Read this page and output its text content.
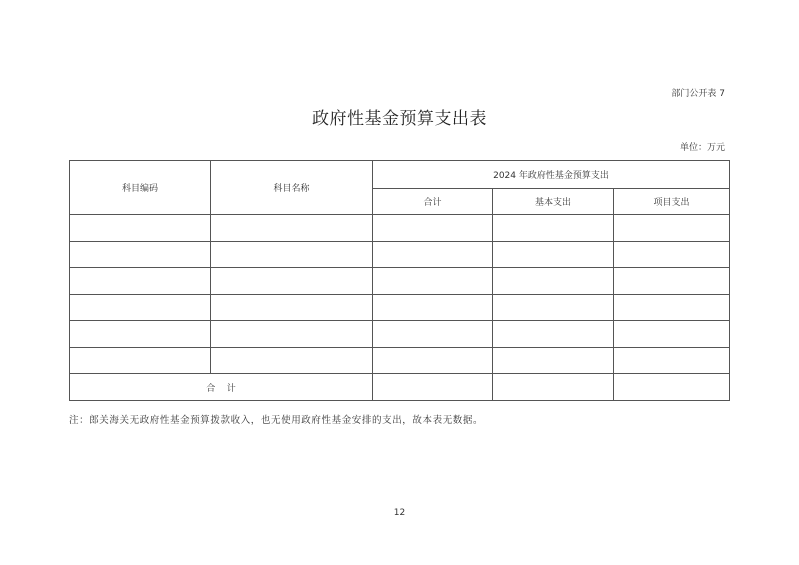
部门公开表 7
政府性基金预算支出表
单位：万元
科目编码	科目名称	2024 年政府性基金预算支出		
		合计	基本支出	项目支出

合    计				
注：郎关海关无政府性基金预算拨款收入，也无使用政府性基金安排的支出，故本表无数据。
12
